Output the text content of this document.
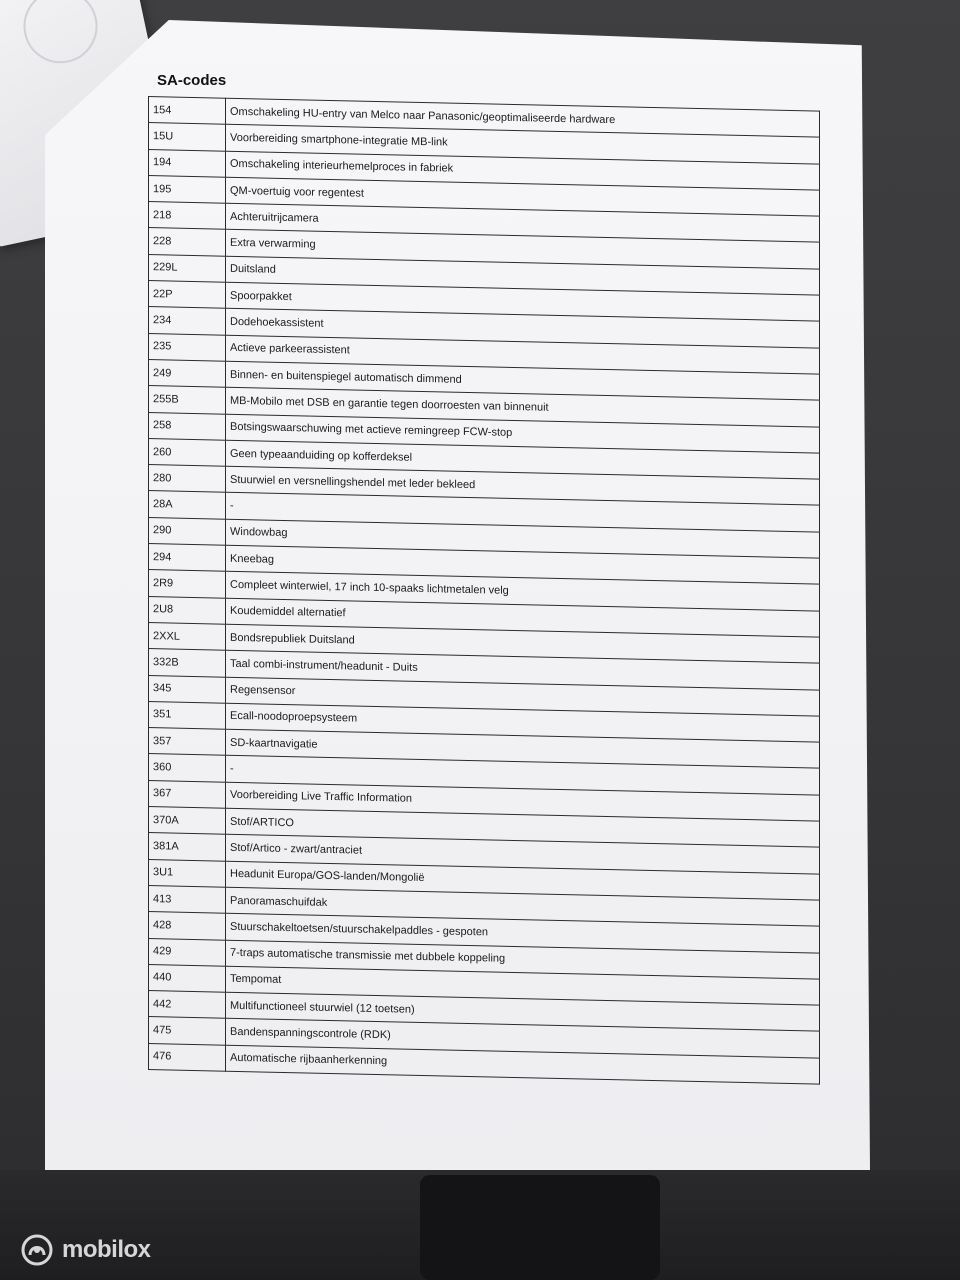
SA-codes
154	Omschakeling HU-entry van Melco naar Panasonic/geoptimaliseerde hardware
15U	Voorbereiding smartphone-integratie MB-link
194	Omschakeling interieurhemelproces in fabriek
195	QM-voertuig voor regentest
218	Achteruitrijcamera
228	Extra verwarming
229L	Duitsland
22P	Spoorpakket
234	Dodehoekassistent
235	Actieve parkeerassistent
249	Binnen- en buitenspiegel automatisch dimmend
255B	MB-Mobilo met DSB en garantie tegen doorroesten van binnenuit
258	Botsingswaarschuwing met actieve remingreep FCW-stop
260	Geen typeaanduiding op kofferdeksel
280	Stuurwiel en versnellingshendel met leder bekleed
28A	-
290	Windowbag
294	Kneebag
2R9	Compleet winterwiel, 17 inch 10-spaaks lichtmetalen velg
2U8	Koudemiddel alternatief
2XXL	Bondsrepubliek Duitsland
332B	Taal combi-instrument/headunit - Duits
345	Regensensor
351	Ecall-noodoproepsysteem
357	SD-kaartnavigatie
360	-
367	Voorbereiding Live Traffic Information
370A	Stof/ARTICO
381A	Stof/Artico - zwart/antraciet
3U1	Headunit Europa/GOS-landen/Mongolië
413	Panoramaschuifdak
428	Stuurschakeltoetsen/stuurschakelpaddles - gespoten
429	7-traps automatische transmissie met dubbele koppeling
440	Tempomat
442	Multifunctioneel stuurwiel (12 toetsen)
475	Bandenspanningscontrole (RDK)
476	Automatische rijbaanherkenning
mobilox
